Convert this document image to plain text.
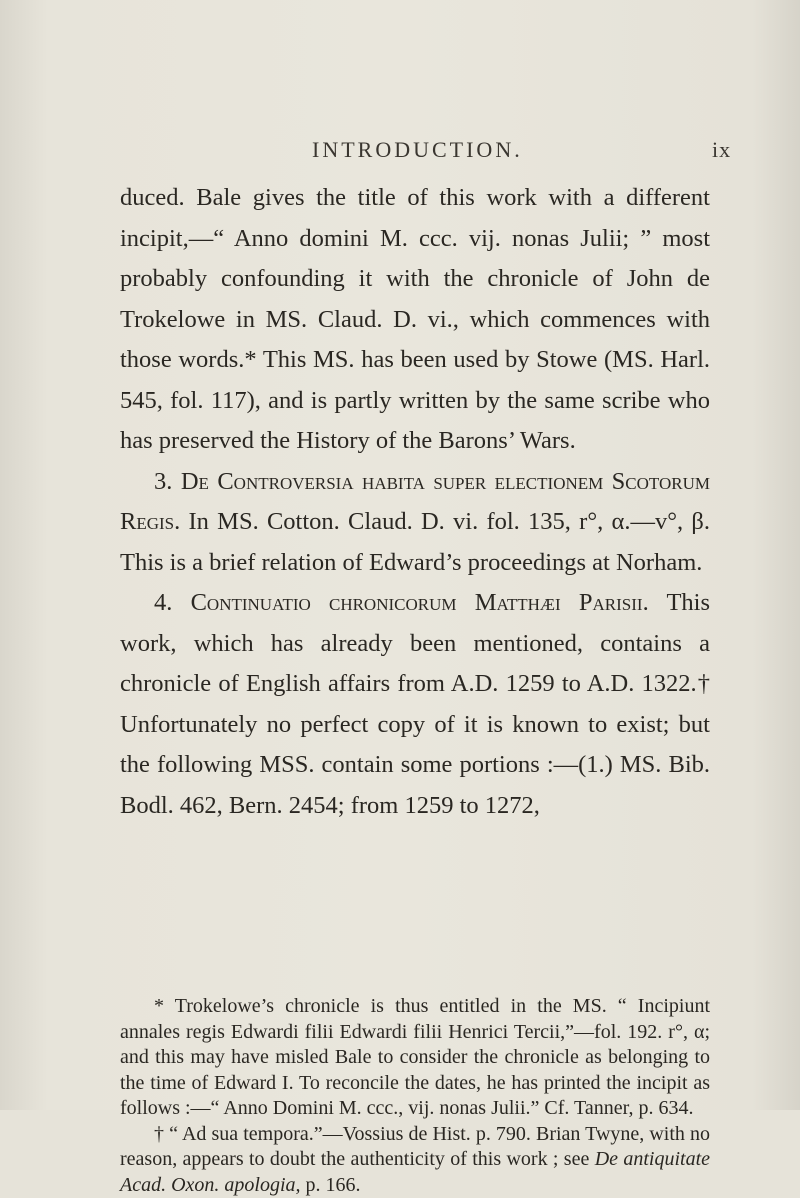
INTRODUCTION.	ix

duced. Bale gives the title of this work with a different incipit,—“ Anno domini M. ccc. vij. nonas Julii; ” most probably confounding it with the chronicle of John de Trokelowe in MS. Claud. D. vi., which commences with those words.* This MS. has been used by Stowe (MS. Harl. 545, fol. 117), and is partly written by the same scribe who has preserved the History of the Barons’ Wars.

3. De Controversia habita super electionem Scotorum Regis. In MS. Cotton. Claud. D. vi. fol. 135, r°, α.—v°, β. This is a brief relation of Edward’s proceedings at Norham.

4. Continuatio chronicorum Matthæi Parisii. This work, which has already been mentioned, contains a chronicle of English affairs from A.D. 1259 to A.D. 1322.† Unfortunately no perfect copy of it is known to exist; but the following MSS. contain some portions :—(1.) MS. Bib. Bodl. 462, Bern. 2454; from 1259 to 1272,

* Trokelowe’s chronicle is thus entitled in the MS. “ Incipiunt annales regis Edwardi filii Edwardi filii Henrici Tercii,”—fol. 192. r°, α; and this may have misled Bale to consider the chronicle as belonging to the time of Edward I. To reconcile the dates, he has printed the incipit as follows :—“ Anno Domini M. ccc., vij. nonas Julii.” Cf. Tanner, p. 634.

† “ Ad sua tempora.”—Vossius de Hist. p. 790. Brian Twyne, with no reason, appears to doubt the authenticity of this work ; see De antiquitate Acad. Oxon. apologia, p. 166.
